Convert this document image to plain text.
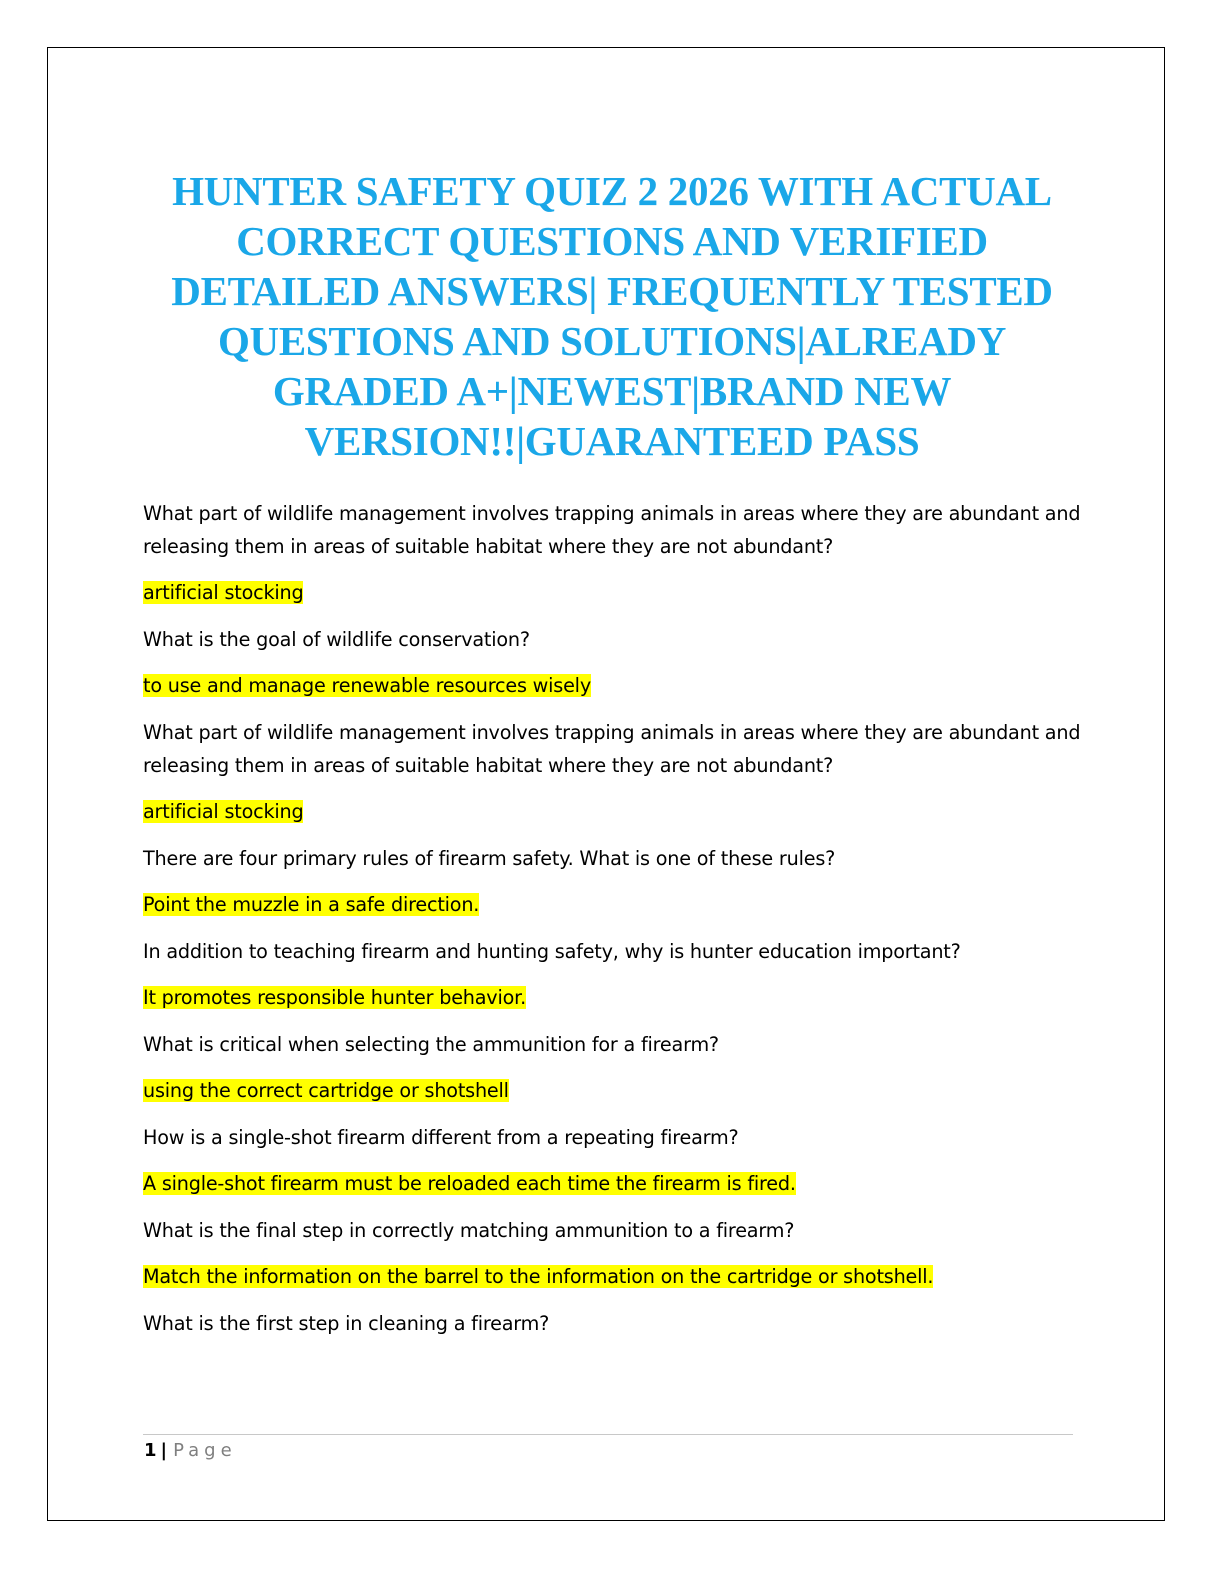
HUNTER SAFETY QUIZ 2 2026 WITH ACTUAL CORRECT QUESTIONS AND VERIFIED DETAILED ANSWERS| FREQUENTLY TESTED QUESTIONS AND SOLUTIONS|ALREADY GRADED A+|NEWEST|BRAND NEW VERSION!!|GUARANTEED PASS

What part of wildlife management involves trapping animals in areas where they are abundant and releasing them in areas of suitable habitat where they are not abundant?

artificial stocking

What is the goal of wildlife conservation?

to use and manage renewable resources wisely

What part of wildlife management involves trapping animals in areas where they are abundant and releasing them in areas of suitable habitat where they are not abundant?

artificial stocking

There are four primary rules of firearm safety. What is one of these rules?

Point the muzzle in a safe direction.

In addition to teaching firearm and hunting safety, why is hunter education important?

It promotes responsible hunter behavior.

What is critical when selecting the ammunition for a firearm?

using the correct cartridge or shotshell

How is a single-shot firearm different from a repeating firearm?

A single-shot firearm must be reloaded each time the firearm is fired.

What is the final step in correctly matching ammunition to a firearm?

Match the information on the barrel to the information on the cartridge or shotshell.

What is the first step in cleaning a firearm?

1 | Page
